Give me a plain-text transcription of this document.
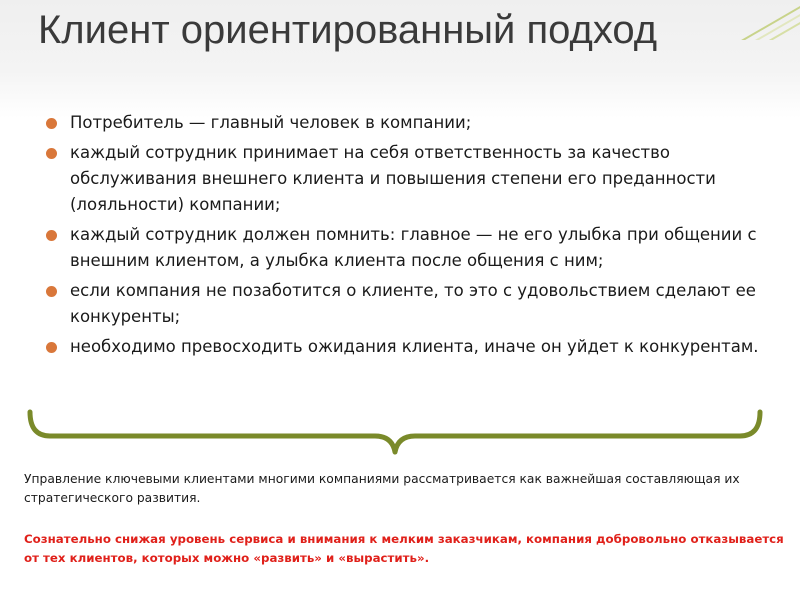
Клиент ориентированный подход
Потребитель — главный человек в компании;
каждый сотрудник принимает на себя ответственность за качество обслуживания внешнего клиента и повышения степени его преданности (лояльности) компании;
каждый сотрудник должен помнить: главное — не его улыбка при общении с внешним клиентом, а улыбка клиента после общения с ним;
если компания не позаботится о клиенте, то это с удовольствием сделают ее конкуренты;
необходимо превосходить ожидания клиента, иначе он уйдет к конкурентам.

Управление ключевыми клиентами многими компаниями рассматривается как важнейшая составляющая их стратегического развития.

Сознательно снижая уровень сервиса и внимания к мелким заказчикам, компания добровольно отказывается от тех клиентов, которых можно «развить» и «вырастить».
